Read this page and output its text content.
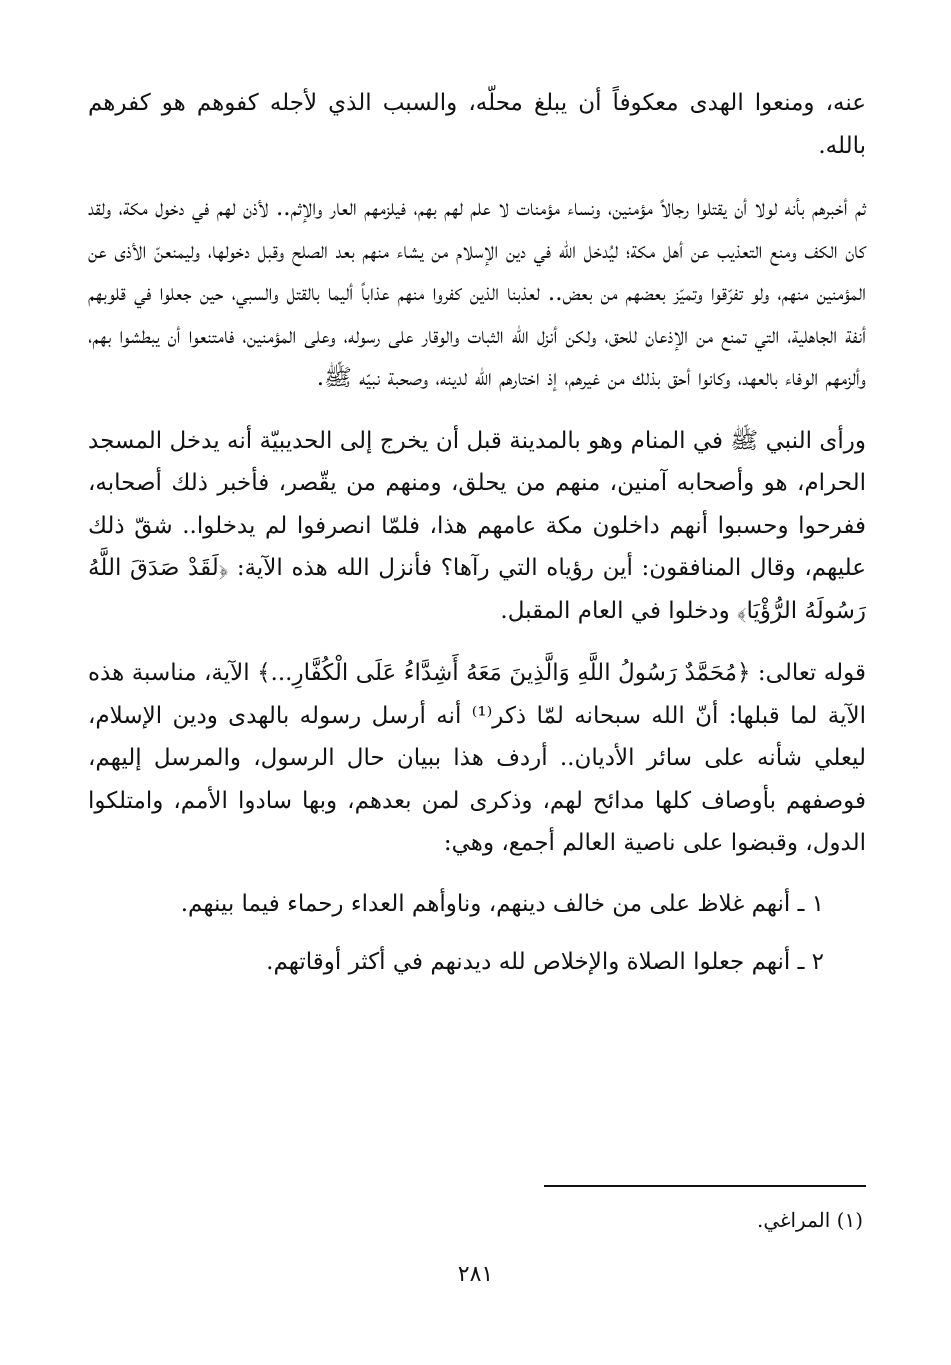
عنه، ومنعوا الهدى معكوفاً أن يبلغ محلّه، والسبب الذي لأجله كفوهم هو كفرهم بالله.

ثم أخبرهم بأنه لولا أن يقتلوا رجالاً مؤمنين، ونساء مؤمنات لا علم لهم بهم، فيلزمهم العار والإثم.. لأذن لهم في دخول مكة، ولقد كان الكف ومنع التعذيب عن أهل مكة؛ ليُدخل الله في دين الإسلام من يشاء منهم بعد الصلح وقبل دخولها، وليمنعنّ الأذى عن المؤمنين منهم، ولو تفرّقوا وتميّز بعضهم من بعض.. لعذبنا الذين كفروا منهم عذاباً أليما بالقتل والسبي، حين جعلوا في قلوبهم أنفة الجاهلية، التي تمنع من الإذعان للحق، ولكن أنزل الله الثبات والوقار على رسوله، وعلى المؤمنين، فامتنعوا أن يبطشوا بهم، وألزمهم الوفاء بالعهد، وكانوا أحق بذلك من غيرهم، إذ اختارهم الله لدينه، وصحبة نبيّه ﷺ.

ورأى النبي ﷺ في المنام وهو بالمدينة قبل أن يخرج إلى الحديبيّة أنه يدخل المسجد الحرام، هو وأصحابه آمنين، منهم من يحلق، ومنهم من يقّصر، فأخبر ذلك أصحابه، ففرحوا وحسبوا أنهم داخلون مكة عامهم هذا، فلمّا انصرفوا لم يدخلوا.. شقّ ذلك عليهم، وقال المنافقون: أين رؤياه التي رآها؟ فأنزل الله هذه الآية: ﴿لَقَدْ صَدَقَ اللَّهُ رَسُولَهُ الرُّؤْيَا﴾ ودخلوا في العام المقبل.

قوله تعالى: ﴿مُحَمَّدٌ رَسُولُ اللَّهِ وَالَّذِينَ مَعَهُ أَشِدَّاءُ عَلَى الْكُفَّارِ...﴾ الآية، مناسبة هذه الآية لما قبلها: أنّ الله سبحانه لمّا ذكر⁽¹⁾ أنه أرسل رسوله بالهدى ودين الإسلام، ليعلي شأنه على سائر الأديان.. أردف هذا ببيان حال الرسول، والمرسل إليهم، فوصفهم بأوصاف كلها مدائح لهم، وذكرى لمن بعدهم، وبها سادوا الأمم، وامتلكوا الدول، وقبضوا على ناصية العالم أجمع، وهي:

١ ـ أنهم غلاظ على من خالف دينهم، وناوأهم العداء رحماء فيما بينهم.

٢ ـ أنهم جعلوا الصلاة والإخلاص لله ديدنهم في أكثر أوقاتهم.

(١) المراغي.

٢٨١
